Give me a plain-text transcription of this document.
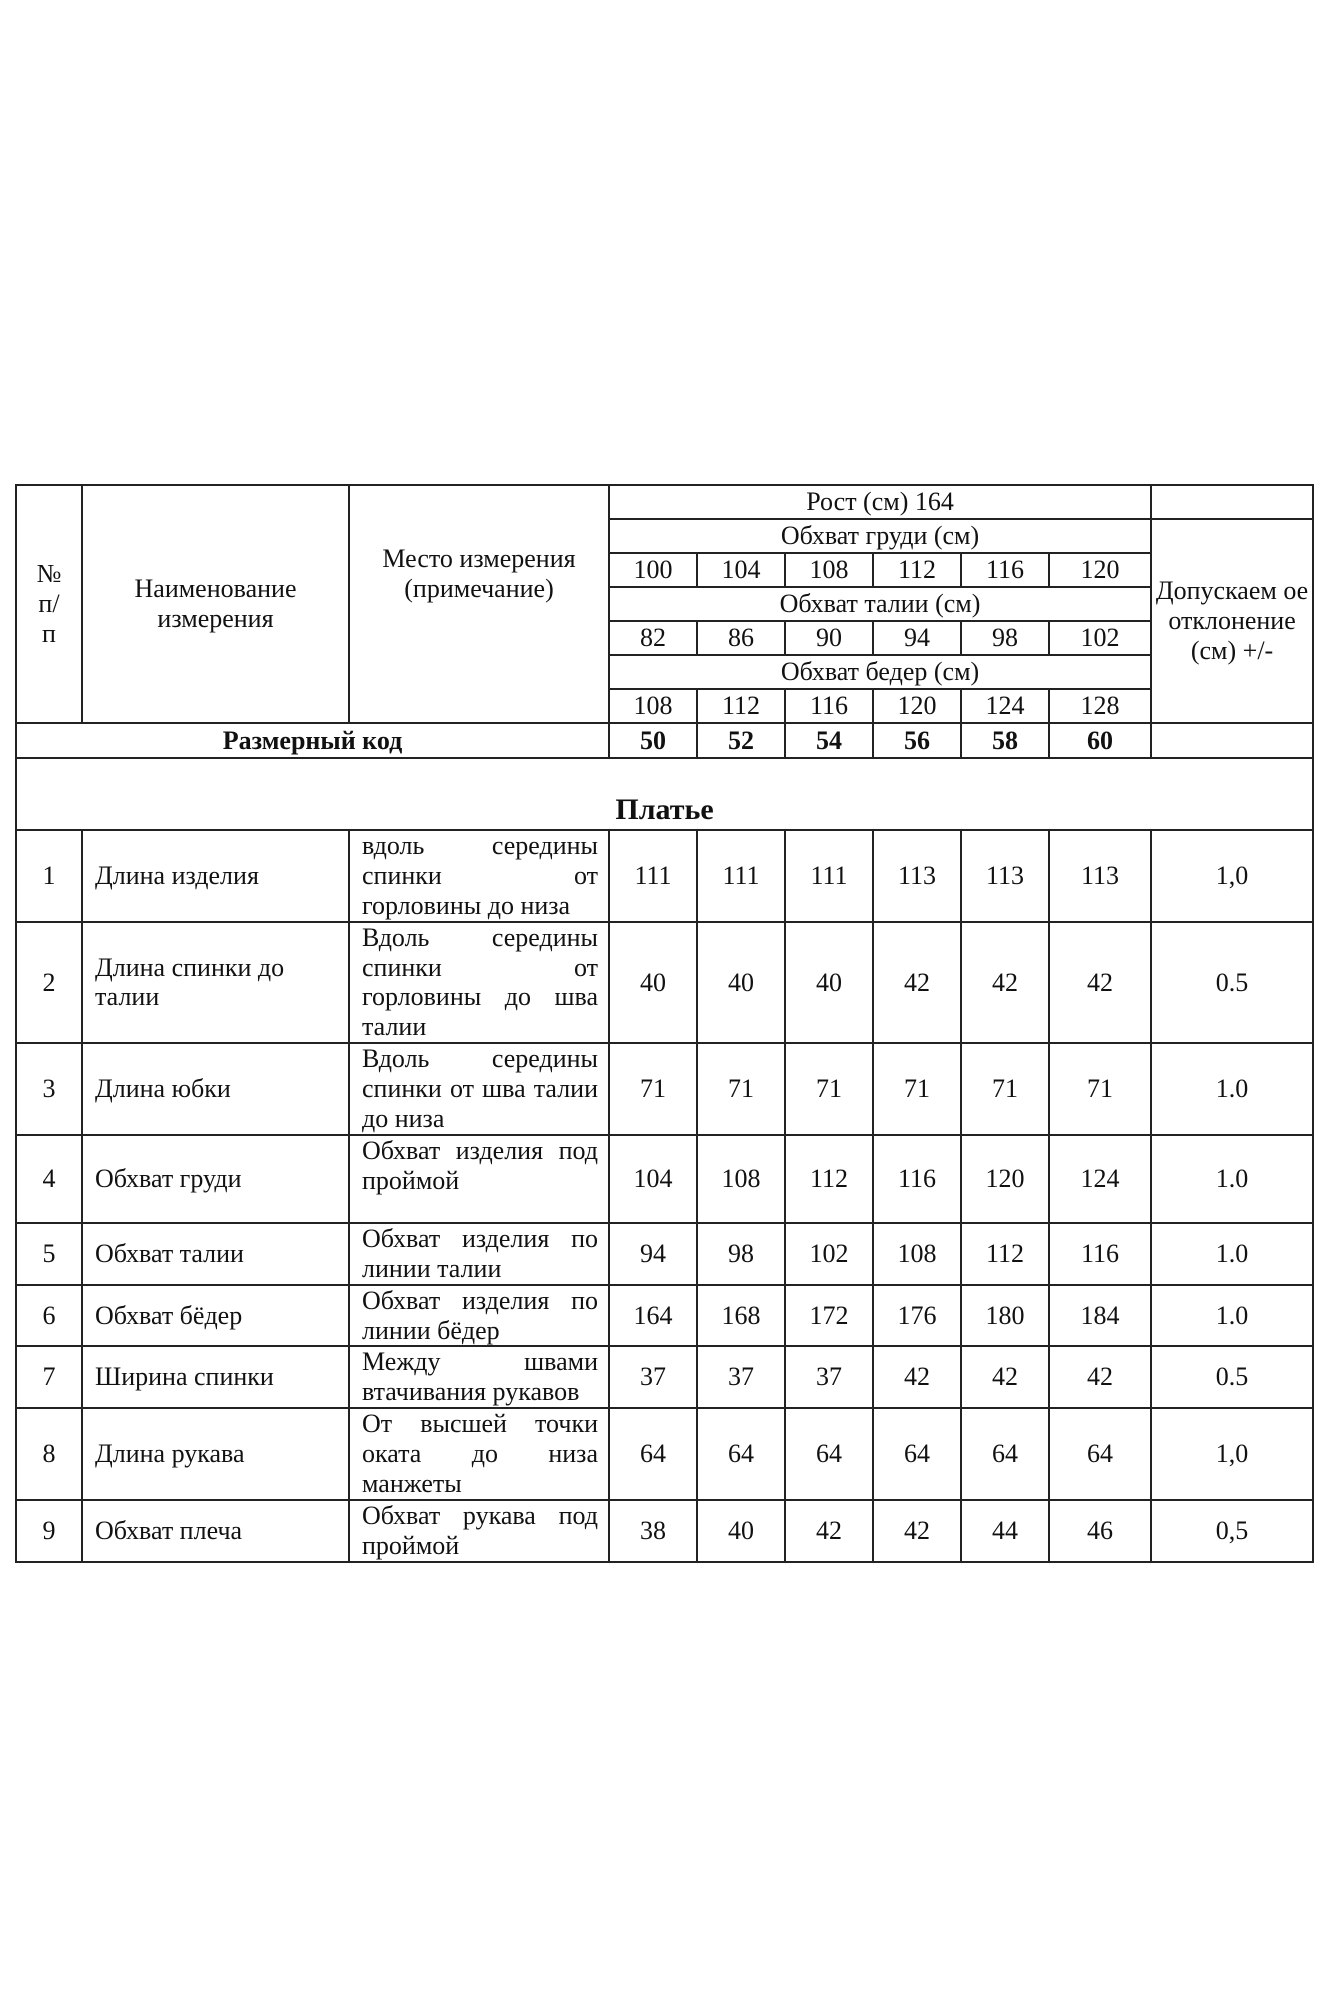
№
п/
п	Наименование измерения	Место измерения (примечание)	Рост (см) 164						
			Обхват груди (см)						Допускаем ое отклонение (см) +/-
			100	104	108	112	116	120	
			Обхват талии (см)						
			82	86	90	94	98	102	
			Обхват бедер (см)						
			108	112	116	120	124	128	
Размерный код			50	52	54	56	58	60	
Платье									
1	Длина изделия	вдоль середины спинки от горловины до низа	111	111	111	113	113	113	1,0
2	Длина спинки до талии	Вдоль середины спинки от горловины до шва талии	40	40	40	42	42	42	0.5
3	Длина юбки	Вдоль середины спинки от шва талии до низа	71	71	71	71	71	71	1.0
4	Обхват груди	Обхват изделия под проймой	104	108	112	116	120	124	1.0
5	Обхват талии	Обхват изделия по линии талии	94	98	102	108	112	116	1.0
6	Обхват бёдер	Обхват изделия по линии бёдер	164	168	172	176	180	184	1.0
7	Ширина спинки	Между швами втачивания рукавов	37	37	37	42	42	42	0.5
8	Длина рукава	От высшей точки оката до низа манжеты	64	64	64	64	64	64	1,0
9	Обхват плеча	Обхват рукава под проймой	38	40	42	42	44	46	0,5
